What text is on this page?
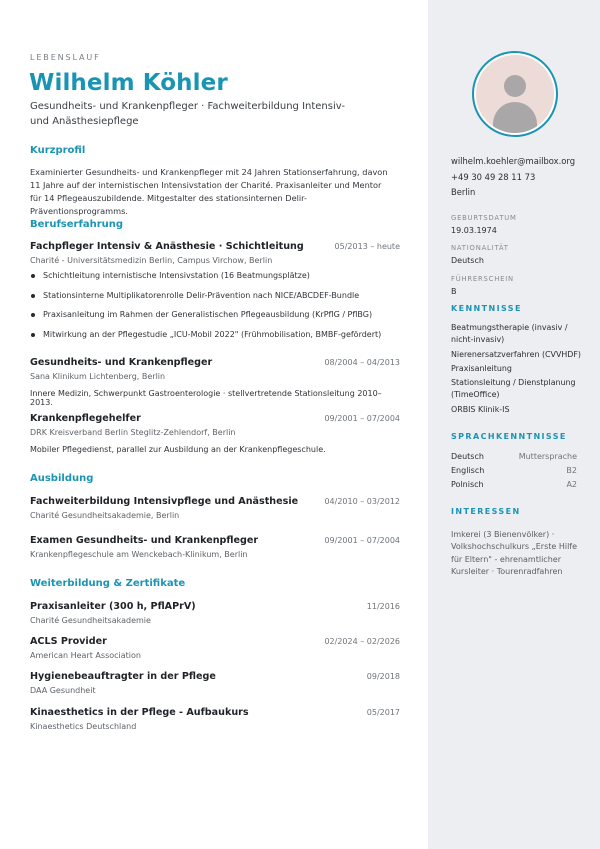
LEBENSLAUF
Wilhelm Köhler
Gesundheits- und Krankenpfleger · Fachweiterbildung Intensiv- und Anästhesiepflege
Kurzprofil
Examinierter Gesundheits- und Krankenpfleger mit 24 Jahren Stationserfahrung, davon 11 Jahre auf der internistischen Intensivstation der Charité. Praxisanleiter und Mentor für 14 Pflegeauszubildende. Mitgestalter des stationsinternen Delir-Präventionsprogramms.
Berufserfahrung
Fachpfleger Intensiv & Anästhesie · Schichtleitung	05/2013 – heute
Charité - Universitätsmedizin Berlin, Campus Virchow, Berlin
Schichtleitung internistische Intensivstation (16 Beatmungsplätze)
Stationsinterne Multiplikatorenrolle Delir-Prävention nach NICE/ABCDEF-Bundle
Praxisanleitung im Rahmen der Generalistischen Pflegeausbildung (KrPflG / PflBG)
Mitwirkung an der Pflegestudie „ICU-Mobil 2022" (Frühmobilisation, BMBF-gefördert)
Gesundheits- und Krankenpfleger	08/2004 – 04/2013
Sana Klinikum Lichtenberg, Berlin
Innere Medizin, Schwerpunkt Gastroenterologie · stellvertretende Stationsleitung 2010–2013.
Krankenpflegehelfer	09/2001 – 07/2004
DRK Kreisverband Berlin Steglitz-Zehlendorf, Berlin
Mobiler Pflegedienst, parallel zur Ausbildung an der Krankenpflegeschule.
Ausbildung
Fachweiterbildung Intensivpflege und Anästhesie	04/2010 – 03/2012
Charité Gesundheitsakademie, Berlin
Examen Gesundheits- und Krankenpfleger	09/2001 – 07/2004
Krankenpflegeschule am Wenckebach-Klinikum, Berlin
Weiterbildung & Zertifikate
Praxisanleiter (300 h, PflAPrV)	11/2016
Charité Gesundheitsakademie
ACLS Provider	02/2024 – 02/2026
American Heart Association
Hygienebeauftragter in der Pflege	09/2018
DAA Gesundheit
Kinaesthetics in der Pflege - Aufbaukurs	05/2017
Kinaesthetics Deutschland
wilhelm.koehler@mailbox.org
+49 30 49 28 11 73
Berlin
GEBURTSDATUM
19.03.1974
NATIONALITÄT
Deutsch
FÜHRERSCHEIN
B
KENNTNISSE
Beatmungstherapie (invasiv / nicht-invasiv)
Nierenersatzverfahren (CVVHDF)
Praxisanleitung
Stationsleitung / Dienstplanung (TimeOffice)
ORBIS Klinik-IS
SPRACHKENNTNISSE
Deutsch	Muttersprache
Englisch	B2
Polnisch	A2
INTERESSEN
Imkerei (3 Bienenvölker) · Volkshochschulkurs „Erste Hilfe für Eltern" - ehrenamtlicher Kursleiter · Tourenradfahren
